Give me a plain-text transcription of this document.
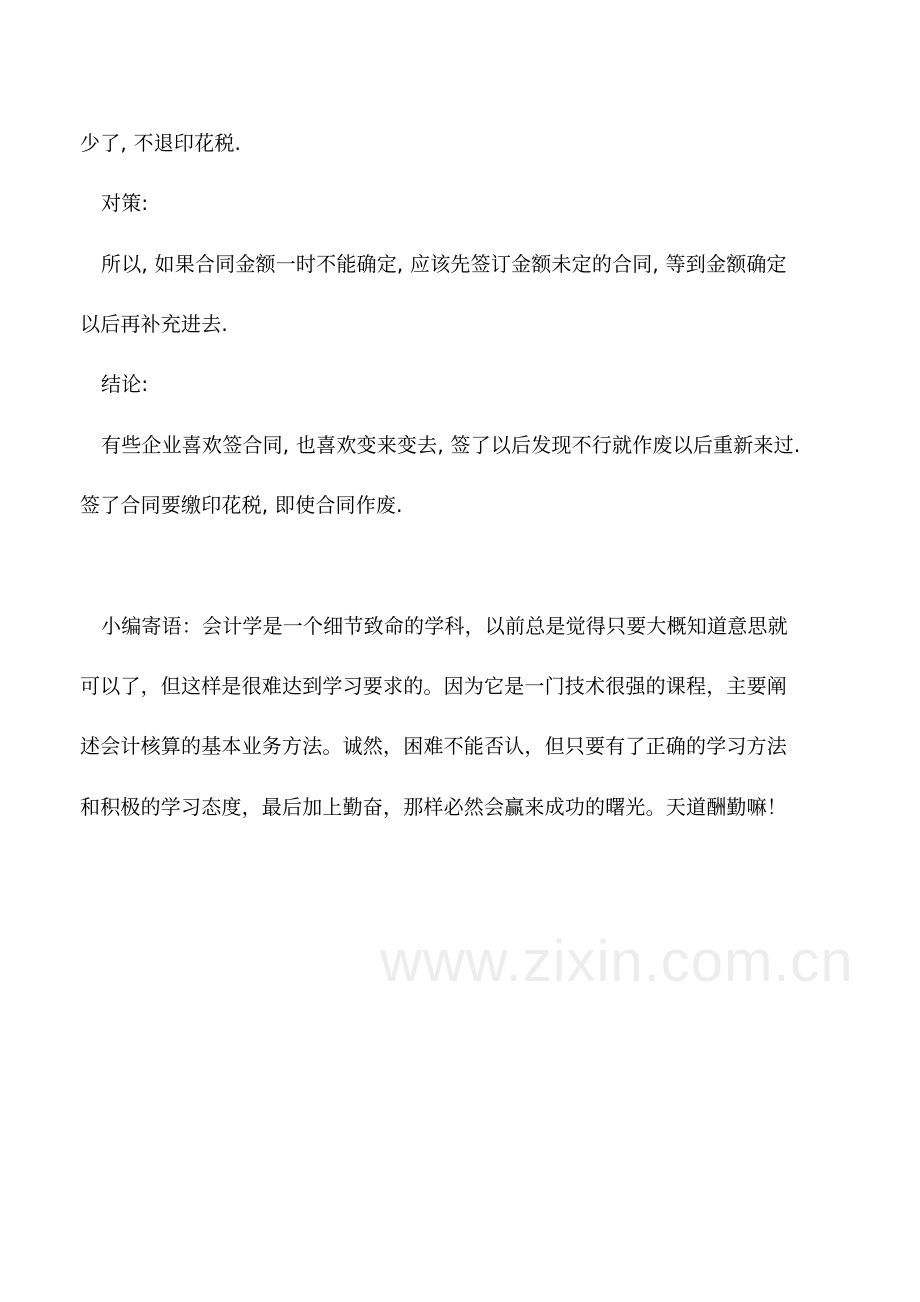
少了, 不退印花税.
对策:
所以, 如果合同金额一时不能确定, 应该先签订金额未定的合同, 等到金额确定
以后再补充进去.
结论:
有些企业喜欢签合同, 也喜欢变来变去, 签了以后发现不行就作废以后重新来过.
签了合同要缴印花税, 即使合同作废.
小编寄语：会计学是一个细节致命的学科，以前总是觉得只要大概知道意思就
可以了，但这样是很难达到学习要求的。因为它是一门技术很强的课程，主要阐
述会计核算的基本业务方法。诚然，困难不能否认，但只要有了正确的学习方法
和积极的学习态度，最后加上勤奋，那样必然会赢来成功的曙光。天道酬勤嘛！
www.zixin.com.cn
